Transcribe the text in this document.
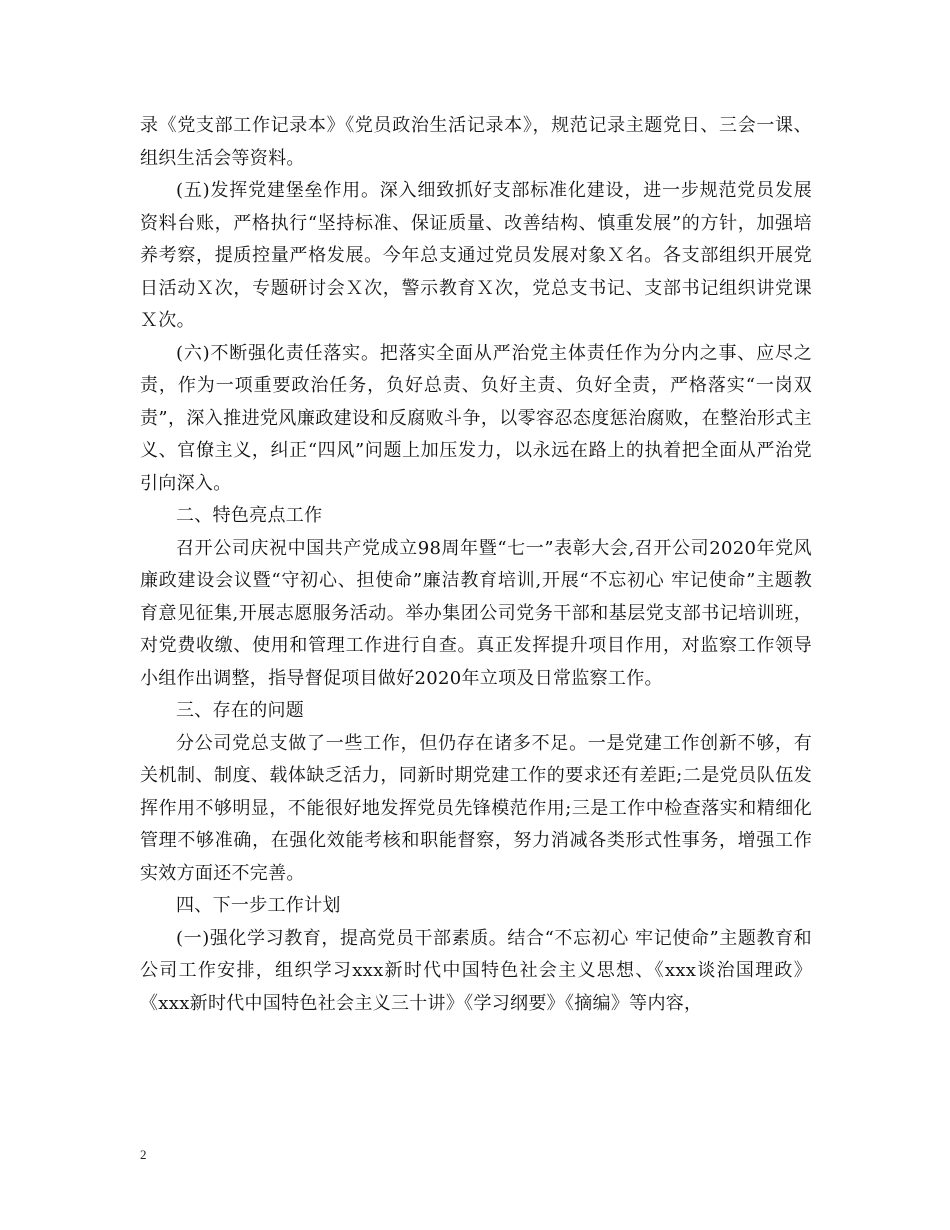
录《党支部工作记录本》《党员政治生活记录本》，规范记录主题党日、三会一课、组织生活会等资料。

(五)发挥党建堡垒作用。深入细致抓好支部标准化建设，进一步规范党员发展资料台账，严格执行“坚持标准、保证质量、改善结构、慎重发展”的方针，加强培养考察，提质控量严格发展。今年总支通过党员发展对象Ｘ名。各支部组织开展党日活动Ｘ次，专题研讨会Ｘ次，警示教育Ｘ次，党总支书记、支部书记组织讲党课Ｘ次。

(六)不断强化责任落实。把落实全面从严治党主体责任作为分内之事、应尽之责，作为一项重要政治任务，负好总责、负好主责、负好全责，严格落实“一岗双责”，深入推进党风廉政建设和反腐败斗争，以零容忍态度惩治腐败，在整治形式主义、官僚主义，纠正“四风”问题上加压发力，以永远在路上的执着把全面从严治党引向深入。

二、特色亮点工作

召开公司庆祝中国共产党成立98周年暨“七一”表彰大会,召开公司2020年党风廉政建设会议暨“守初心、担使命”廉洁教育培训,开展“不忘初心 牢记使命”主题教育意见征集,开展志愿服务活动。举办集团公司党务干部和基层党支部书记培训班，对党费收缴、使用和管理工作进行自查。真正发挥提升项目作用，对监察工作领导小组作出调整，指导督促项目做好2020年立项及日常监察工作。

三、存在的问题

分公司党总支做了一些工作，但仍存在诸多不足。一是党建工作创新不够，有关机制、制度、载体缺乏活力，同新时期党建工作的要求还有差距;二是党员队伍发挥作用不够明显，不能很好地发挥党员先锋模范作用;三是工作中检查落实和精细化管理不够准确，在强化效能考核和职能督察，努力消减各类形式性事务，增强工作实效方面还不完善。

四、下一步工作计划

(一)强化学习教育，提高党员干部素质。结合“不忘初心 牢记使命”主题教育和公司工作安排，组织学习xxx新时代中国特色社会主义思想、《xxx谈治国理政》《xxx新时代中国特色社会主义三十讲》《学习纲要》《摘编》等内容，

2
